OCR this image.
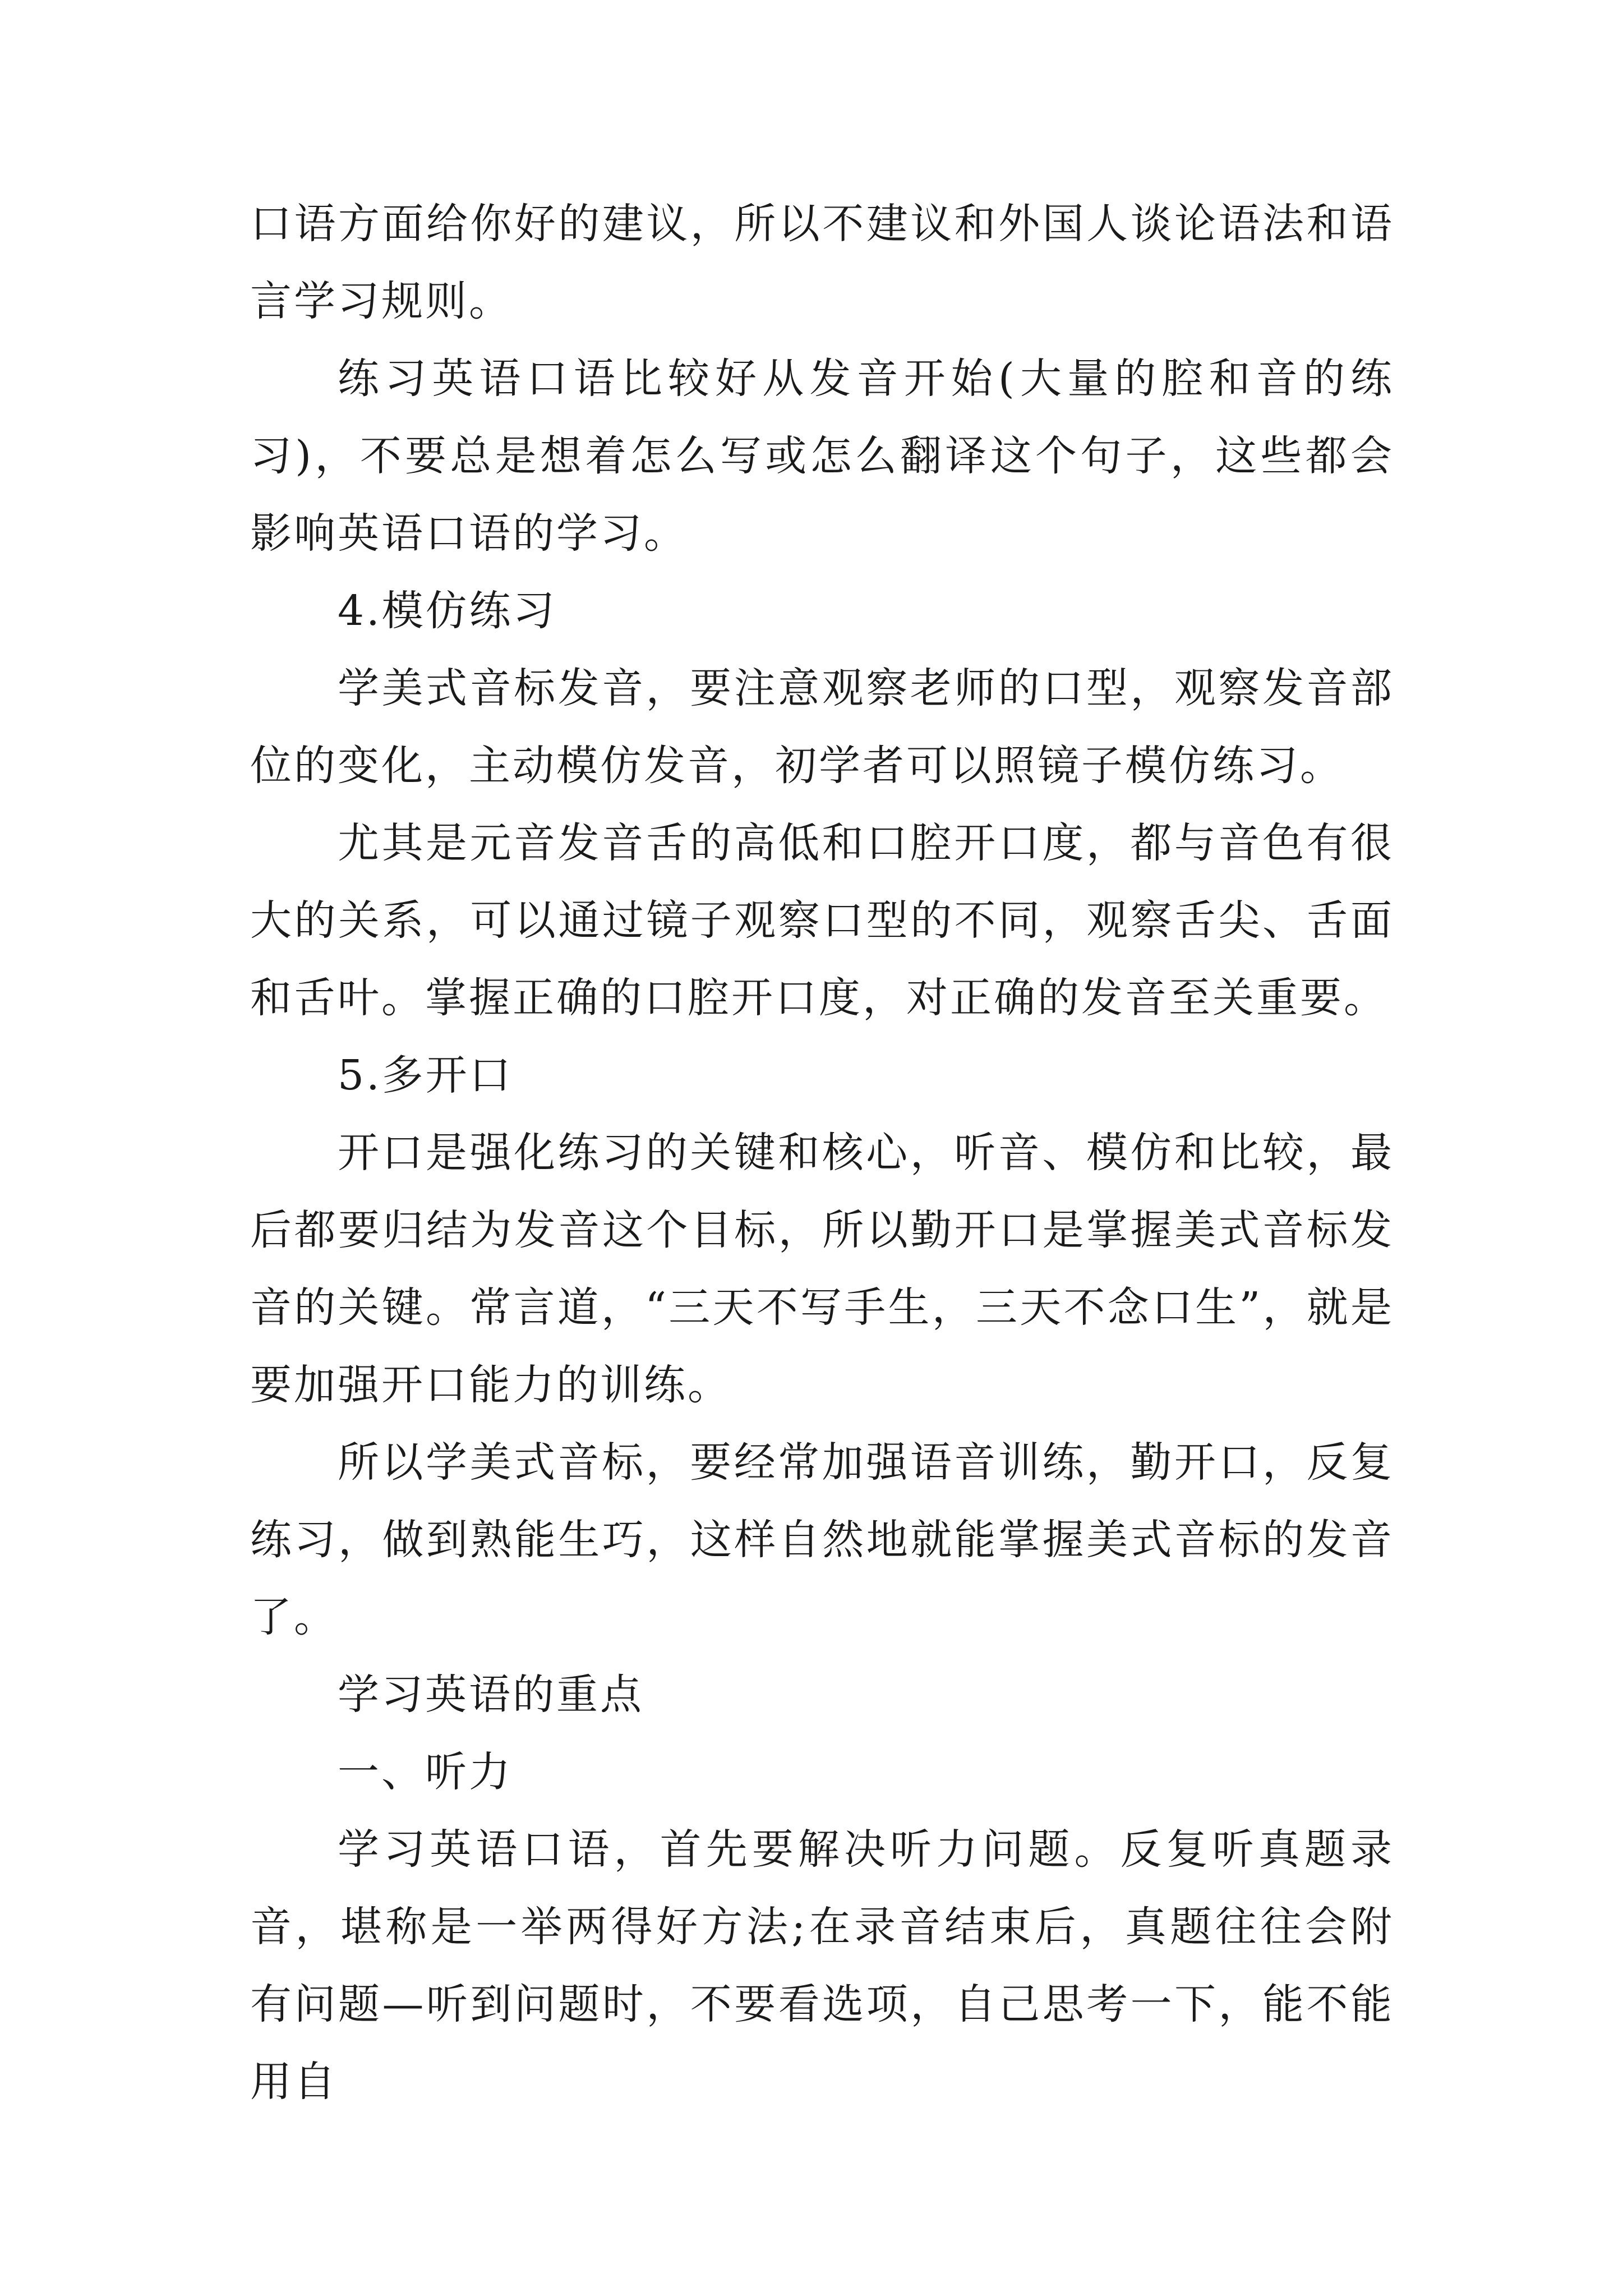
口语方面给你好的建议，所以不建议和外国人谈论语法和语言学习规则。

练习英语口语比较好从发音开始(大量的腔和音的练习)，不要总是想着怎么写或怎么翻译这个句子，这些都会影响英语口语的学习。

4.模仿练习

学美式音标发音，要注意观察老师的口型，观察发音部位的变化，主动模仿发音，初学者可以照镜子模仿练习。

尤其是元音发音舌的高低和口腔开口度，都与音色有很大的关系，可以通过镜子观察口型的不同，观察舌尖、舌面和舌叶。掌握正确的口腔开口度，对正确的发音至关重要。

5.多开口

开口是强化练习的关键和核心，听音、模仿和比较，最后都要归结为发音这个目标，所以勤开口是掌握美式音标发音的关键。常言道，“三天不写手生，三天不念口生”，就是要加强开口能力的训练。

所以学美式音标，要经常加强语音训练，勤开口，反复练习，做到熟能生巧，这样自然地就能掌握美式音标的发音了。

学习英语的重点

一、听力

学习英语口语，首先要解决听力问题。反复听真题录音，堪称是一举两得好方法;在录音结束后，真题往往会附有问题—听到问题时，不要看选项，自己思考一下，能不能用自
